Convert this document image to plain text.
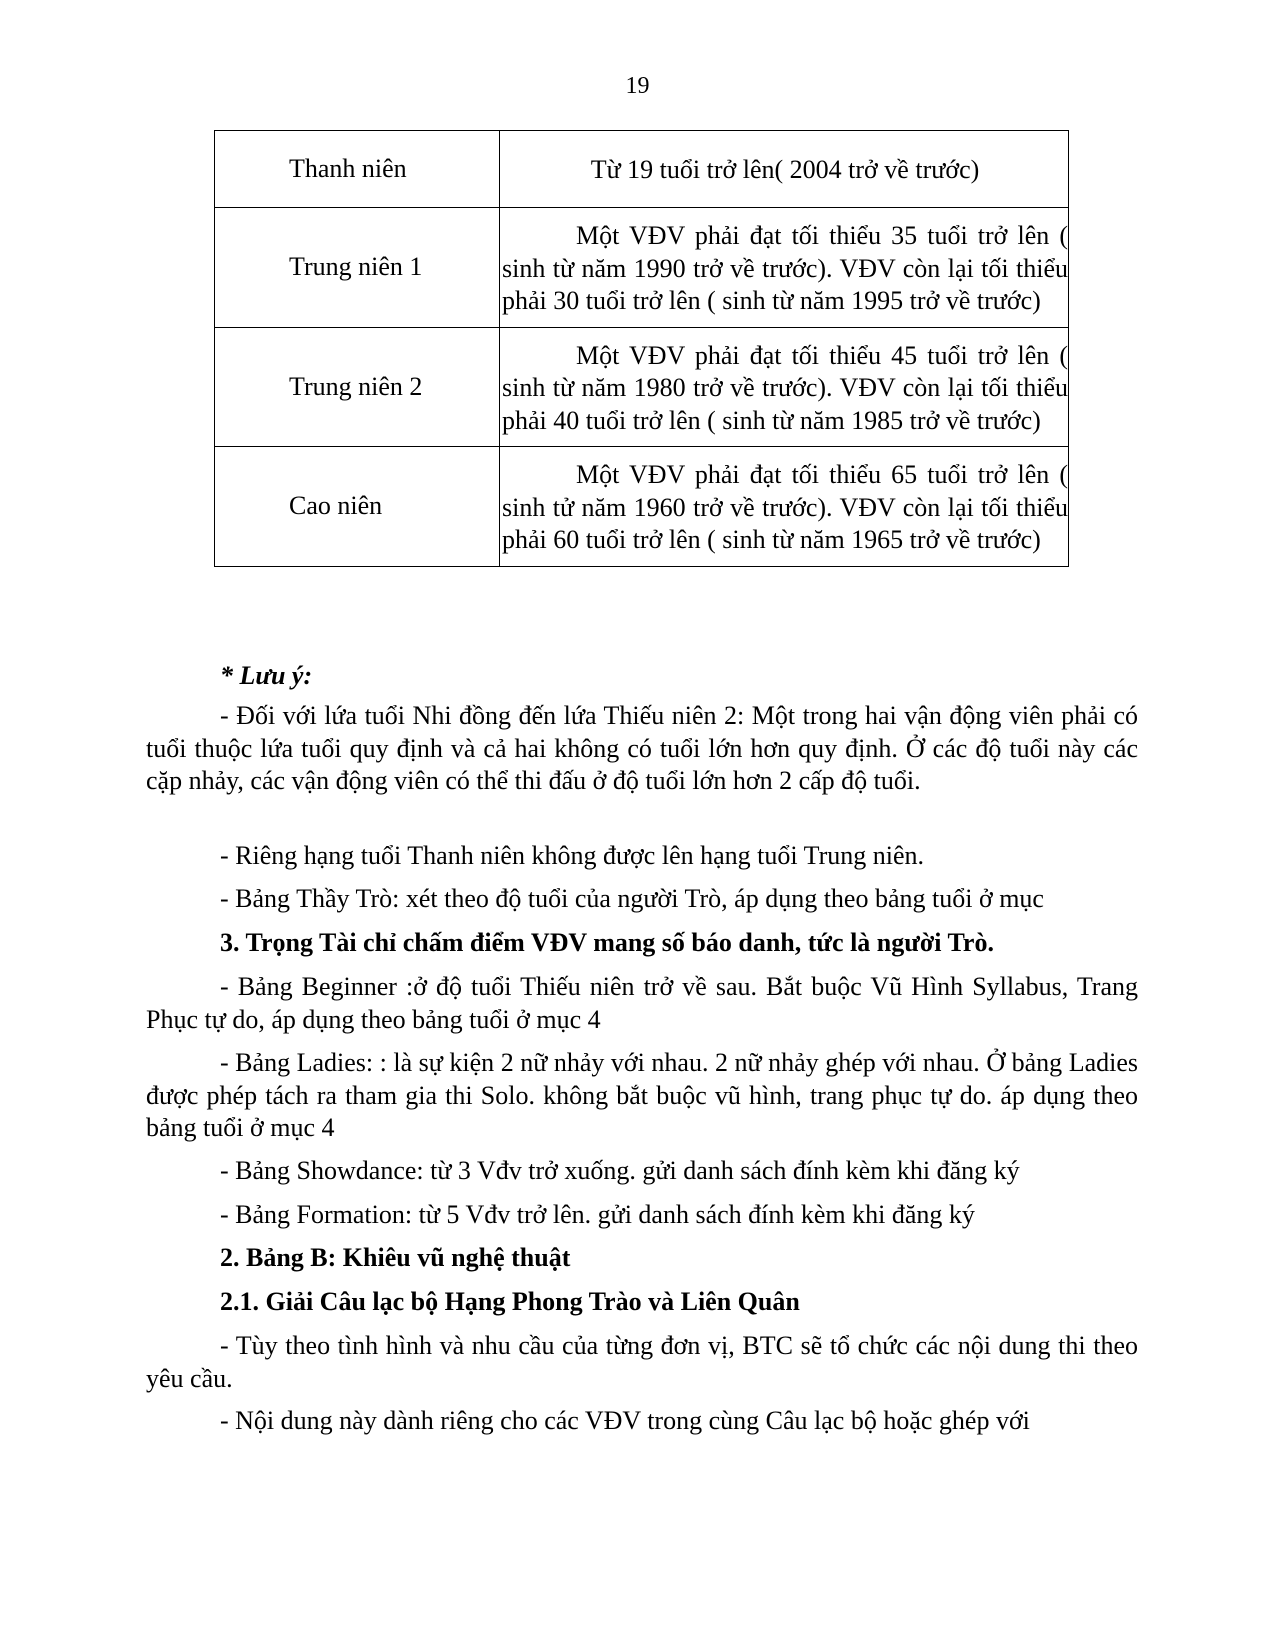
19
Thanh niên	Từ 19 tuổi trở lên( 2004 trở về trước)
Trung niên 1	Một VĐV phải đạt tối thiểu 35 tuổi trở lên ( sinh từ năm 1990 trở về trước). VĐV còn lại tối thiểu phải 30 tuổi trở lên ( sinh từ năm 1995 trở về trước)

Trung niên 2	Một VĐV phải đạt tối thiểu 45 tuổi trở lên ( sinh từ năm 1980 trở về trước). VĐV còn lại tối thiểu phải 40 tuổi trở lên ( sinh từ năm 1985 trở về trước)

Cao niên	Một VĐV phải đạt tối thiểu 65 tuổi trở lên ( sinh tử năm 1960 trở về trước). VĐV còn lại tối thiểu phải 60 tuổi trở lên ( sinh từ năm 1965 trở về trước)

* Lưu ý:

- Đối với lứa tuổi Nhi đồng đến lứa Thiếu niên 2: Một trong hai vận động viên phải có tuổi thuộc lứa tuổi quy định và cả hai không có tuổi lớn hơn quy định. Ở các độ tuổi này các cặp nhảy, các vận động viên có thể thi đấu ở độ tuổi lớn hơn 2 cấp độ tuổi.

- Riêng hạng tuổi Thanh niên không được lên hạng tuổi Trung niên.

- Bảng Thầy Trò: xét theo độ tuổi của người Trò, áp dụng theo bảng tuổi ở mục

3. Trọng Tài chỉ chấm điểm VĐV mang số báo danh, tức là người Trò.

- Bảng Beginner :ở độ tuổi Thiếu niên trở về sau. Bắt buộc Vũ Hình Syllabus, Trang Phục tự do, áp dụng theo bảng tuổi ở mục 4

- Bảng Ladies: : là sự kiện 2 nữ nhảy với nhau. 2 nữ nhảy ghép với nhau. Ở bảng Ladies được phép tách ra tham gia thi Solo. không bắt buộc vũ hình, trang phục tự do. áp dụng theo bảng tuổi ở mục 4

- Bảng Showdance: từ 3 Vđv trở xuống. gửi danh sách đính kèm khi đăng ký

- Bảng Formation: từ 5 Vđv trở lên. gửi danh sách đính kèm khi đăng ký

2. Bảng B: Khiêu vũ nghệ thuật

2.1. Giải Câu lạc bộ Hạng Phong Trào và Liên Quân

- Tùy theo tình hình và nhu cầu của từng đơn vị, BTC sẽ tổ chức các nội dung thi theo yêu cầu.

- Nội dung này dành riêng cho các VĐV trong cùng Câu lạc bộ hoặc ghép với
